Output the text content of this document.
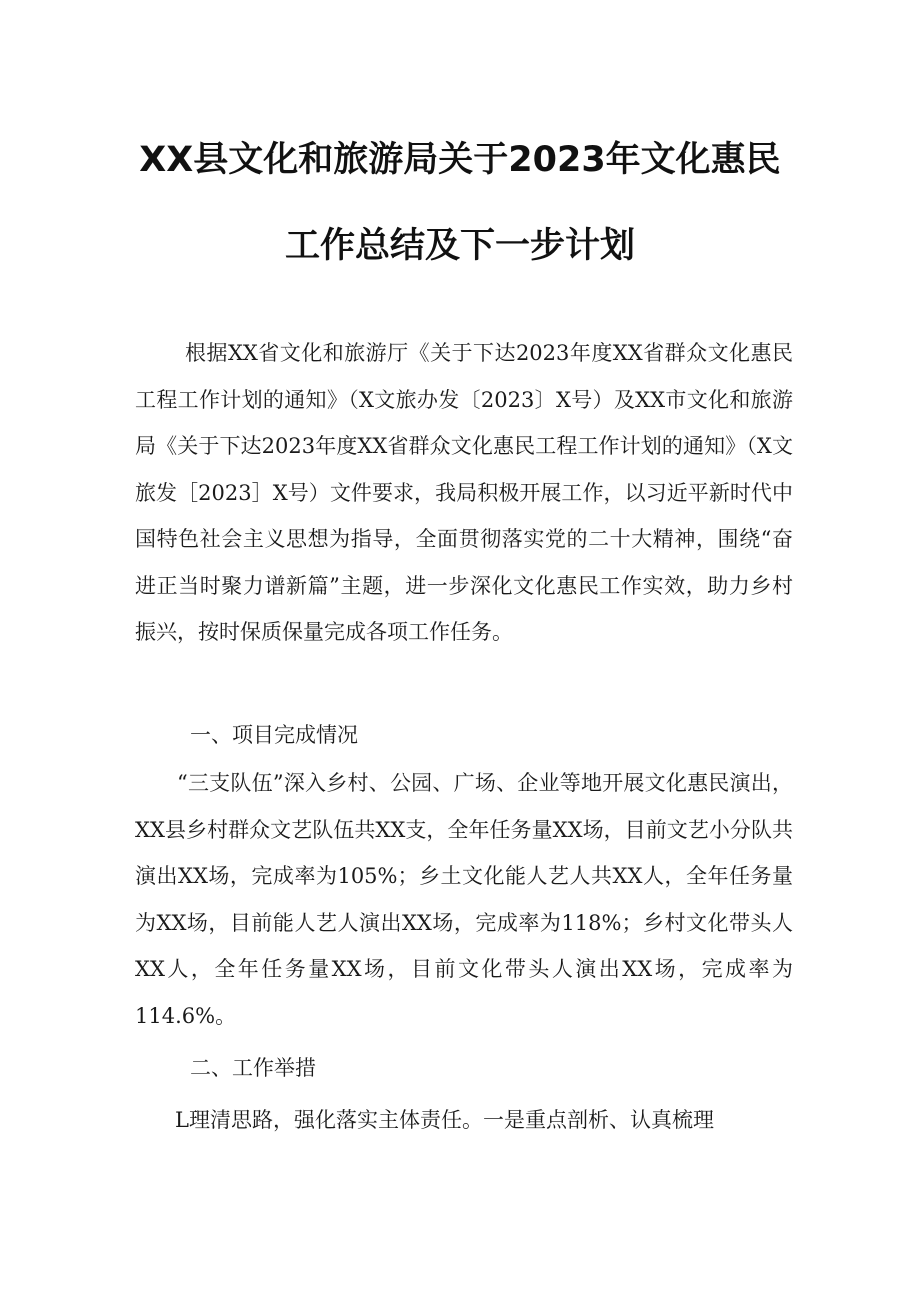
XX县文化和旅游局关于2023年文化惠民
工作总结及下一步计划
根据XX省文化和旅游厅《关于下达2023年度XX省群众文化惠民工程工作计划的通知》（X文旅办发〔2023〕X号）及XX市文化和旅游局《关于下达2023年度XX省群众文化惠民工程工作计划的通知》（X文旅发［2023］X号）文件要求，我局积极开展工作，以习近平新时代中国特色社会主义思想为指导，全面贯彻落实党的二十大精神，围绕“奋进正当时聚力谱新篇”主题，进一步深化文化惠民工作实效，助力乡村振兴，按时保质保量完成各项工作任务。
一、项目完成情况
“三支队伍”深入乡村、公园、广场、企业等地开展文化惠民演出，XX县乡村群众文艺队伍共XX支，全年任务量XX场，目前文艺小分队共演出XX场，完成率为105%；乡土文化能人艺人共XX人，全年任务量为XX场，目前能人艺人演出XX场，完成率为118%；乡村文化带头人XX人，全年任务量XX场，目前文化带头人演出XX场，完成率为114.6%。
二、工作举措
L理清思路，强化落实主体责任。一是重点剖析、认真梳理
